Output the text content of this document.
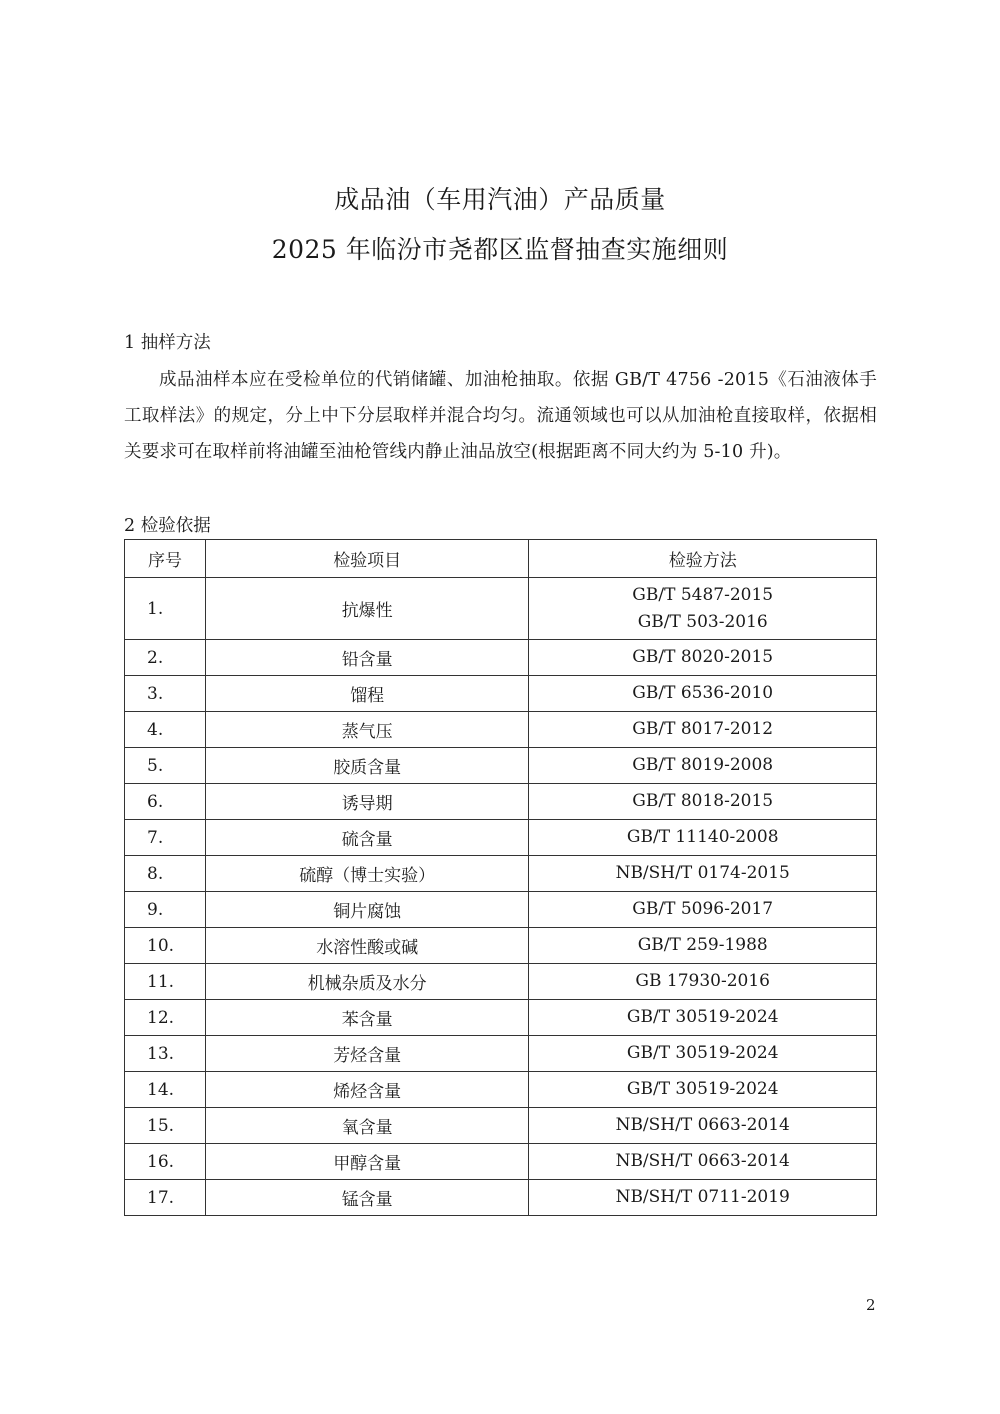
成品油（车用汽油）产品质量
2025 年临汾市尧都区监督抽查实施细则
1 抽样方法
成品油样本应在受检单位的代销储罐、加油枪抽取。依据 GB/T 4756 -2015《石油液体手工取样法》的规定，分上中下分层取样并混合均匀。流通领域也可以从加油枪直接取样，依据相关要求可在取样前将油罐至油枪管线内静止油品放空(根据距离不同大约为 5-10 升)。
2 检验依据
序号	检验项目	检验方法
1.	抗爆性	GB/T 5487-2015
GB/T 503-2016

2.	铅含量	GB/T 8020-2015

3.	馏程	GB/T 6536-2010

4.	蒸气压	GB/T 8017-2012

5.	胶质含量	GB/T 8019-2008

6.	诱导期	GB/T 8018-2015

7.	硫含量	GB/T 11140-2008

8.	硫醇（博士实验）	NB/SH/T 0174-2015

9.	铜片腐蚀	GB/T 5096-2017

10.	水溶性酸或碱	GB/T 259-1988

11.	机械杂质及水分	GB 17930-2016

12.	苯含量	GB/T 30519-2024

13.	芳烃含量	GB/T 30519-2024

14.	烯烃含量	GB/T 30519-2024

15.	氧含量	NB/SH/T 0663-2014

16.	甲醇含量	NB/SH/T 0663-2014

17.	锰含量	NB/SH/T 0711-2019
2
